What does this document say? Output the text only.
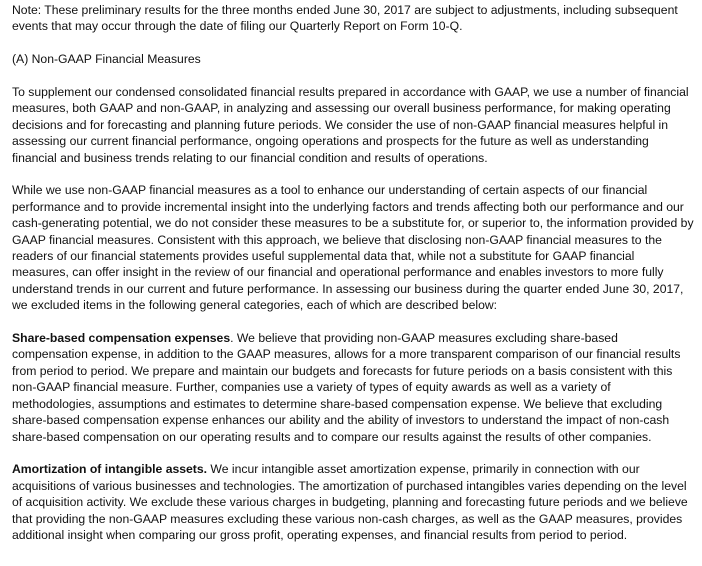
Note: These preliminary results for the three months ended June 30, 2017 are subject to adjustments, including subsequent events that may occur through the date of filing our Quarterly Report on Form 10-Q.

(A) Non-GAAP Financial Measures

To supplement our condensed consolidated financial results prepared in accordance with GAAP, we use a number of financial measures, both GAAP and non-GAAP, in analyzing and assessing our overall business performance, for making operating decisions and for forecasting and planning future periods. We consider the use of non-GAAP financial measures helpful in assessing our current financial performance, ongoing operations and prospects for the future as well as understanding financial and business trends relating to our financial condition and results of operations.

While we use non-GAAP financial measures as a tool to enhance our understanding of certain aspects of our financial performance and to provide incremental insight into the underlying factors and trends affecting both our performance and our cash-generating potential, we do not consider these measures to be a substitute for, or superior to, the information provided by GAAP financial measures. Consistent with this approach, we believe that disclosing non-GAAP financial measures to the readers of our financial statements provides useful supplemental data that, while not a substitute for GAAP financial measures, can offer insight in the review of our financial and operational performance and enables investors to more fully understand trends in our current and future performance. In assessing our business during the quarter ended June 30, 2017, we excluded items in the following general categories, each of which are described below:

Share-based compensation expenses. We believe that providing non-GAAP measures excluding share-based compensation expense, in addition to the GAAP measures, allows for a more transparent comparison of our financial results from period to period. We prepare and maintain our budgets and forecasts for future periods on a basis consistent with this non-GAAP financial measure. Further, companies use a variety of types of equity awards as well as a variety of methodologies, assumptions and estimates to determine share-based compensation expense. We believe that excluding share-based compensation expense enhances our ability and the ability of investors to understand the impact of non-cash share-based compensation on our operating results and to compare our results against the results of other companies.

Amortization of intangible assets. We incur intangible asset amortization expense, primarily in connection with our acquisitions of various businesses and technologies. The amortization of purchased intangibles varies depending on the level of acquisition activity. We exclude these various charges in budgeting, planning and forecasting future periods and we believe that providing the non-GAAP measures excluding these various non-cash charges, as well as the GAAP measures, provides additional insight when comparing our gross profit, operating expenses, and financial results from period to period.
